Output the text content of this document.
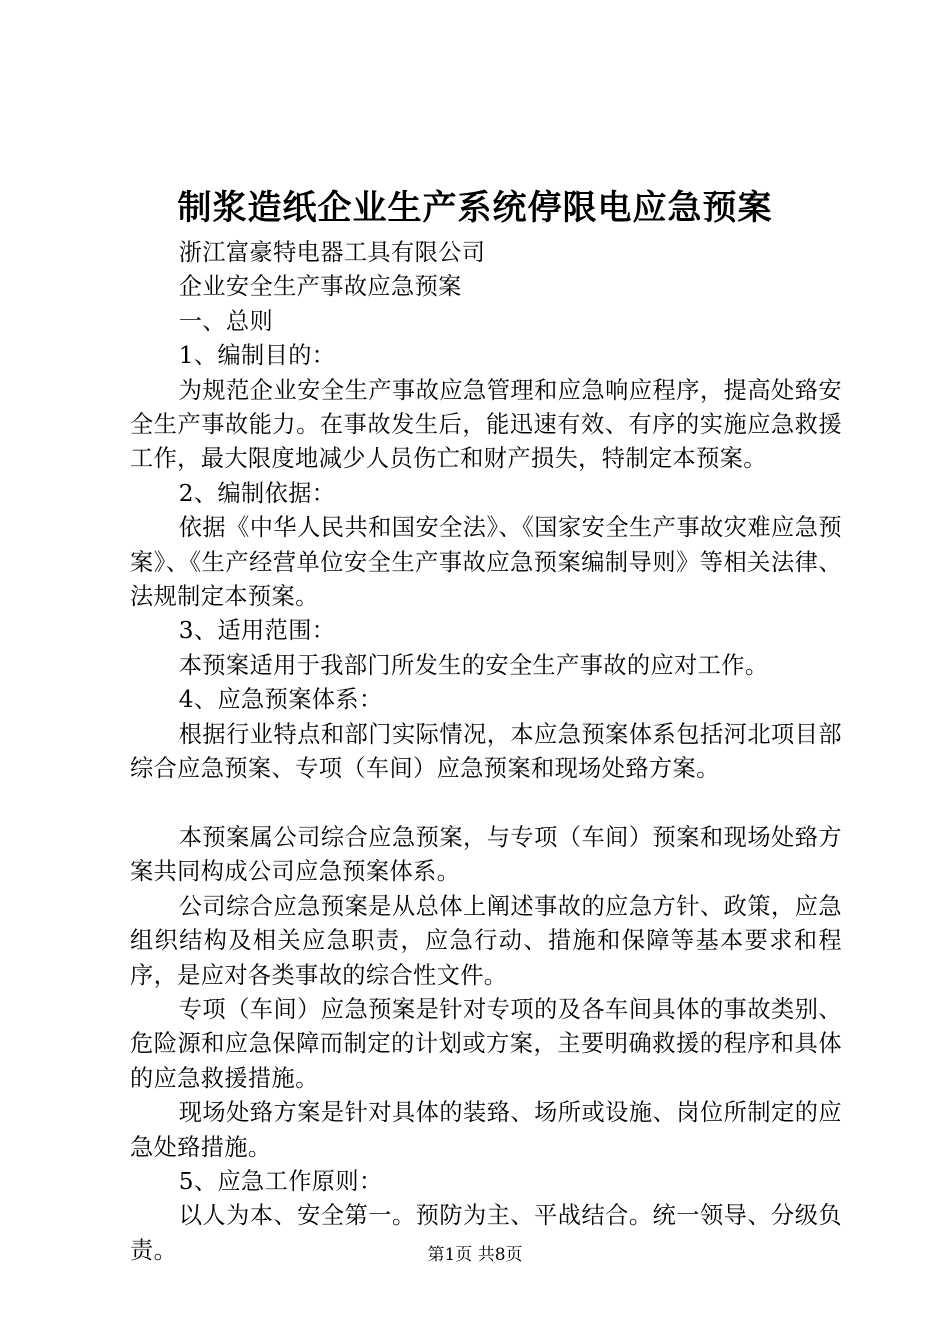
制浆造纸企业生产系统停限电应急预案

浙江富豪特电器工具有限公司

企业安全生产事故应急预案

一、总则

1、编制目的：

为规范企业安全生产事故应急管理和应急响应程序，提高处臵安全生产事故能力。在事故发生后，能迅速有效、有序的实施应急救援工作，最大限度地减少人员伤亡和财产损失，特制定本预案。

2、编制依据：

依据《中华人民共和国安全法》、《国家安全生产事故灾难应急预案》、《生产经营单位安全生产事故应急预案编制导则》等相关法律、法规制定本预案。

3、适用范围：

本预案适用于我部门所发生的安全生产事故的应对工作。

4、应急预案体系：

根据行业特点和部门实际情况，本应急预案体系包括河北项目部综合应急预案、专项（车间）应急预案和现场处臵方案。

本预案属公司综合应急预案，与专项（车间）预案和现场处臵方案共同构成公司应急预案体系。

公司综合应急预案是从总体上阐述事故的应急方针、政策，应急组织结构及相关应急职责，应急行动、措施和保障等基本要求和程序，是应对各类事故的综合性文件。

专项（车间）应急预案是针对专项的及各车间具体的事故类别、危险源和应急保障而制定的计划或方案，主要明确救援的程序和具体的应急救援措施。

现场处臵方案是针对具体的装臵、场所或设施、岗位所制定的应急处臵措施。

5、应急工作原则：

以人为本、安全第一。预防为主、平战结合。统一领导、分级负责。	第1页 共8页
